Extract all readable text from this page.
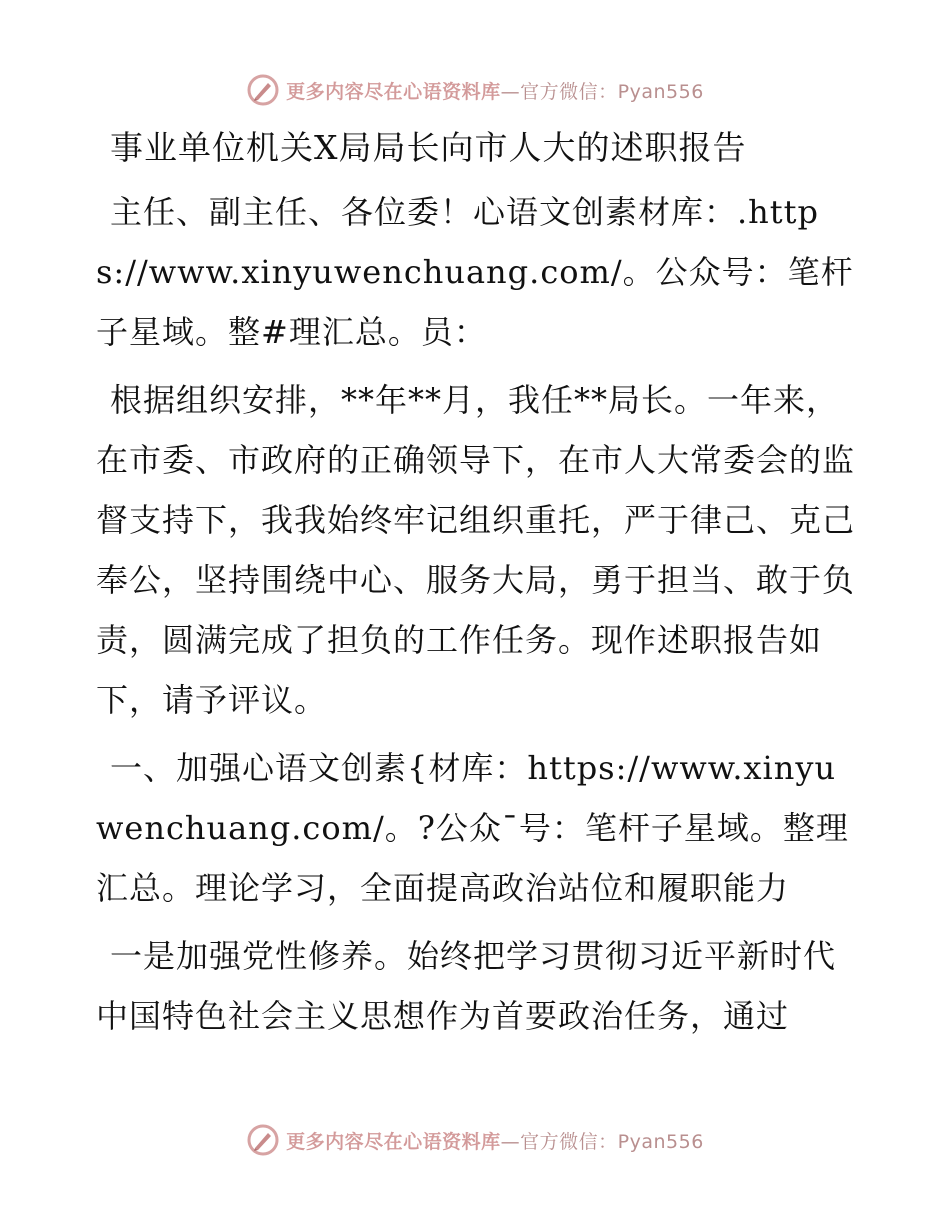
更多内容尽在心语资料库—官方微信：Pyan556
事业单位机关X局局长向市人大的述职报告

主任、副主任、各位委！心语文创素材库：.https://www.xinyuwenchuang.com/。公众号：笔杆子星域。整#理汇总。员：

根据组织安排，**年**月，我任**局长。一年来，在市委、市政府的正确领导下，在市人大常委会的监督支持下，我我始终牢记组织重托，严于律己、克己奉公，坚持围绕中心、服务大局，勇于担当、敢于负责，圆满完成了担负的工作任务。现作述职报告如下，请予评议。

一、加强心语文创素{材库：https://www.xinyuwenchuang.com/。?公众¯号：笔杆子星域。整理汇总。理论学习，全面提高政治站位和履职能力

一是加强党性修养。始终把学习贯彻习近平新时代中国特色社会主义思想作为首要政治任务，通过

更多内容尽在心语资料库—官方微信：Pyan556
